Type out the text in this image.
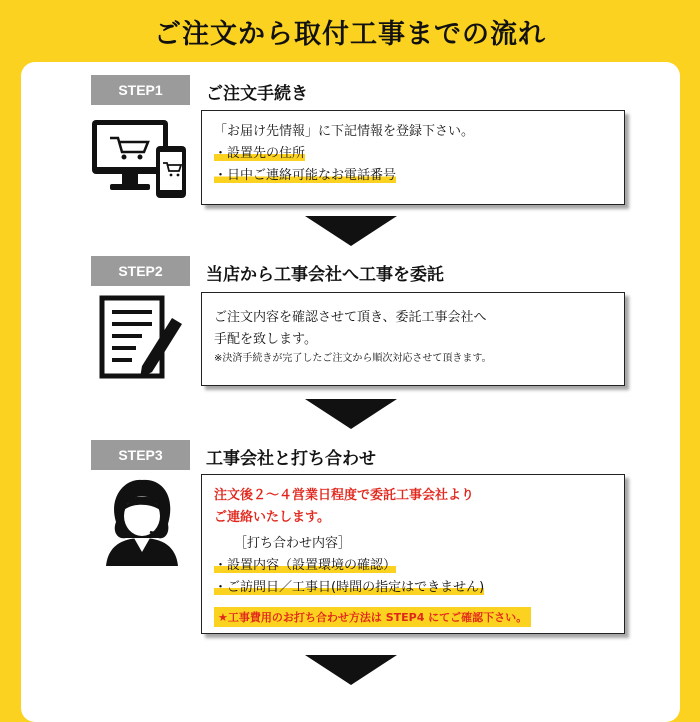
ご注文から取付工事までの流れ
STEP1	ご注文手続き
「お届け先情報」に下記情報を登録下さい。
・設置先の住所
・日中ご連絡可能なお電話番号
STEP2	当店から工事会社へ工事を委託
ご注文内容を確認させて頂き、委託工事会社へ
手配を致します。
※決済手続きが完了したご注文から順次対応させて頂きます。
STEP3	工事会社と打ち合わせ
注文後２～４営業日程度で委託工事会社より
ご連絡いたします。
［打ち合わせ内容］
・設置内容（設置環境の確認）
・ご訪問日／工事日(時間の指定はできません)
★工事費用のお打ち合わせ方法は STEP4 にてご確認下さい。
